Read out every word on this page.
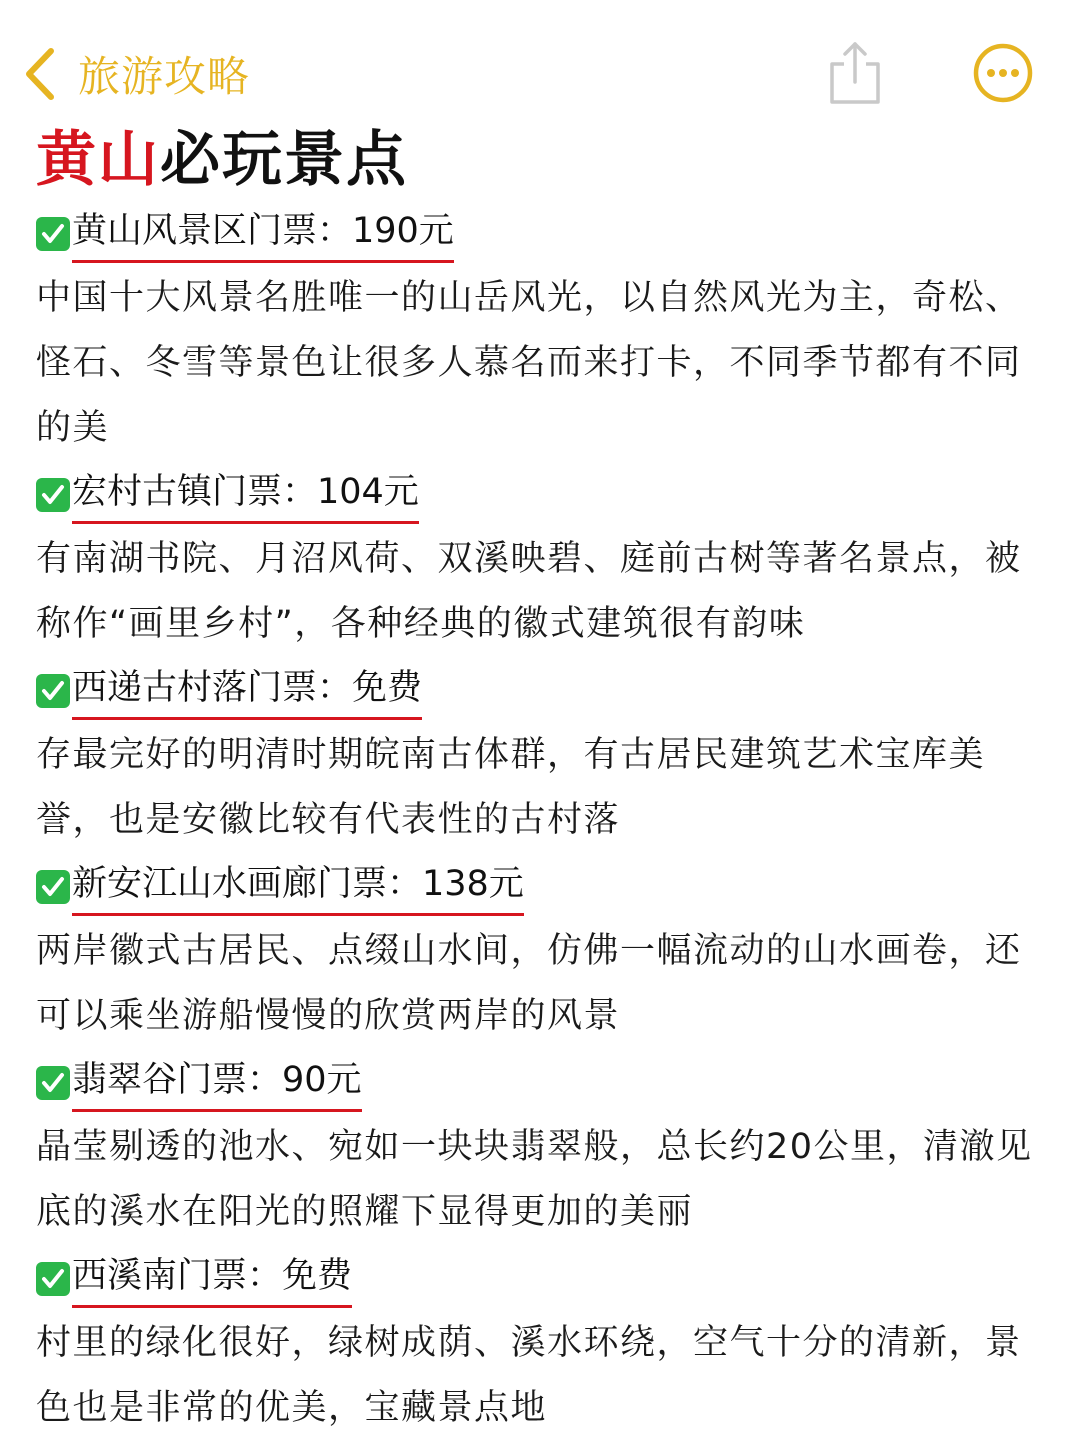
旅游攻略
黄山必玩景点
黄山风景区门票：190元

中国十大风景名胜唯一的山岳风光，以自然风光为主，奇松、怪石、冬雪等景色让很多人慕名而来打卡，不同季节都有不同的美

宏村古镇门票：104元

有南湖书院、月沼风荷、双溪映碧、庭前古树等著名景点，被称作“画里乡村”，各种经典的徽式建筑很有韵味

西递古村落门票：免费

存最完好的明清时期皖南古体群，有古居民建筑艺术宝库美誉，也是安徽比较有代表性的古村落

新安江山水画廊门票：138元

两岸徽式古居民、点缀山水间，仿佛一幅流动的山水画卷，还可以乘坐游船慢慢的欣赏两岸的风景

翡翠谷门票：90元

晶莹剔透的池水、宛如一块块翡翠般，总长约20公里，清澈见底的溪水在阳光的照耀下显得更加的美丽

西溪南门票：免费

村里的绿化很好，绿树成荫、溪水环绕，空气十分的清新，景色也是非常的优美，宝藏景点地
